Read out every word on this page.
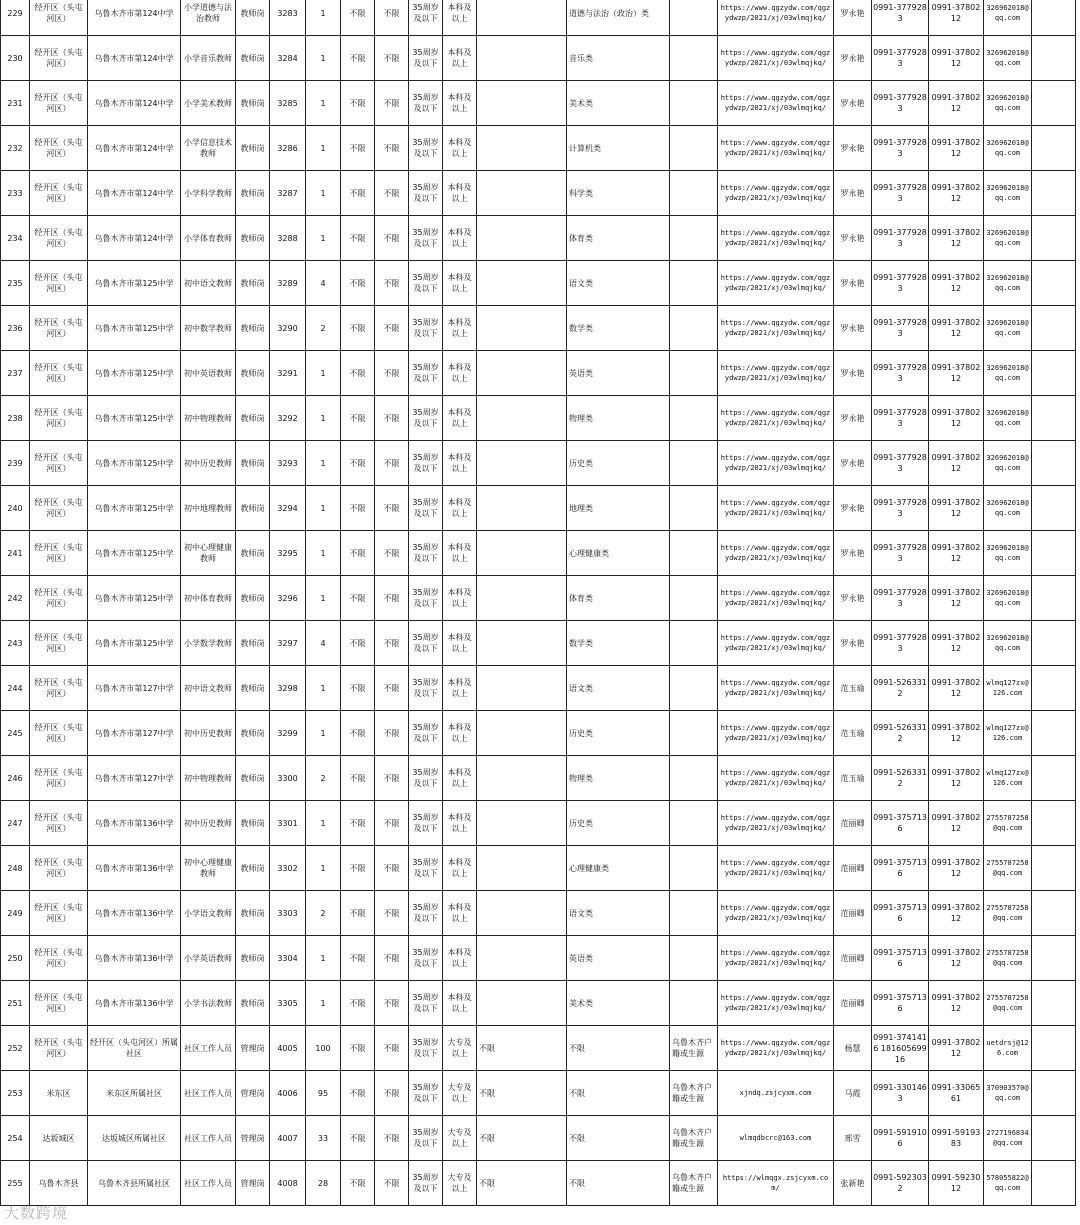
229	经开区（头屯河区）	乌鲁木齐市第124中学	小学道德与法治教师	教师岗	3283	1	不限	不限	35周岁及以下	本科及以上		道德与法治（政治）类		https://www.qgzydw.com/qgzydwzp/2021/xj/03wlmqjkq/	罗永艳	0991-3779283	0991-3780212	326962018@qq.com	
230	经开区（头屯河区）	乌鲁木齐市第124中学	小学音乐教师	教师岗	3284	1	不限	不限	35周岁及以下	本科及以上		音乐类		https://www.qgzydw.com/qgzydwzp/2021/xj/03wlmqjkq/	罗永艳	0991-3779283	0991-3780212	326962018@qq.com	
231	经开区（头屯河区）	乌鲁木齐市第124中学	小学美术教师	教师岗	3285	1	不限	不限	35周岁及以下	本科及以上		美术类		https://www.qgzydw.com/qgzydwzp/2021/xj/03wlmqjkq/	罗永艳	0991-3779283	0991-3780212	326962018@qq.com	
232	经开区（头屯河区）	乌鲁木齐市第124中学	小学信息技术教师	教师岗	3286	1	不限	不限	35周岁及以下	本科及以上		计算机类		https://www.qgzydw.com/qgzydwzp/2021/xj/03wlmqjkq/	罗永艳	0991-3779283	0991-3780212	326962018@qq.com	
233	经开区（头屯河区）	乌鲁木齐市第124中学	小学科学教师	教师岗	3287	1	不限	不限	35周岁及以下	本科及以上		科学类		https://www.qgzydw.com/qgzydwzp/2021/xj/03wlmqjkq/	罗永艳	0991-3779283	0991-3780212	326962018@qq.com	
234	经开区（头屯河区）	乌鲁木齐市第124中学	小学体育教师	教师岗	3288	1	不限	不限	35周岁及以下	本科及以上		体育类		https://www.qgzydw.com/qgzydwzp/2021/xj/03wlmqjkq/	罗永艳	0991-3779283	0991-3780212	326962018@qq.com	
235	经开区（头屯河区）	乌鲁木齐市第125中学	初中语文教师	教师岗	3289	4	不限	不限	35周岁及以下	本科及以上		语文类		https://www.qgzydw.com/qgzydwzp/2021/xj/03wlmqjkq/	罗永艳	0991-3779283	0991-3780212	326962018@qq.com	
236	经开区（头屯河区）	乌鲁木齐市第125中学	初中数学教师	教师岗	3290	2	不限	不限	35周岁及以下	本科及以上		数学类		https://www.qgzydw.com/qgzydwzp/2021/xj/03wlmqjkq/	罗永艳	0991-3779283	0991-3780212	326962018@qq.com	
237	经开区（头屯河区）	乌鲁木齐市第125中学	初中英语教师	教师岗	3291	1	不限	不限	35周岁及以下	本科及以上		英语类		https://www.qgzydw.com/qgzydwzp/2021/xj/03wlmqjkq/	罗永艳	0991-3779283	0991-3780212	326962018@qq.com	
238	经开区（头屯河区）	乌鲁木齐市第125中学	初中物理教师	教师岗	3292	1	不限	不限	35周岁及以下	本科及以上		物理类		https://www.qgzydw.com/qgzydwzp/2021/xj/03wlmqjkq/	罗永艳	0991-3779283	0991-3780212	326962018@qq.com	
239	经开区（头屯河区）	乌鲁木齐市第125中学	初中历史教师	教师岗	3293	1	不限	不限	35周岁及以下	本科及以上		历史类		https://www.qgzydw.com/qgzydwzp/2021/xj/03wlmqjkq/	罗永艳	0991-3779283	0991-3780212	326962018@qq.com	
240	经开区（头屯河区）	乌鲁木齐市第125中学	初中地理教师	教师岗	3294	1	不限	不限	35周岁及以下	本科及以上		地理类		https://www.qgzydw.com/qgzydwzp/2021/xj/03wlmqjkq/	罗永艳	0991-3779283	0991-3780212	326962018@qq.com	
241	经开区（头屯河区）	乌鲁木齐市第125中学	初中心理健康教师	教师岗	3295	1	不限	不限	35周岁及以下	本科及以上		心理健康类		https://www.qgzydw.com/qgzydwzp/2021/xj/03wlmqjkq/	罗永艳	0991-3779283	0991-3780212	326962018@qq.com	
242	经开区（头屯河区）	乌鲁木齐市第125中学	初中体育教师	教师岗	3296	1	不限	不限	35周岁及以下	本科及以上		体育类		https://www.qgzydw.com/qgzydwzp/2021/xj/03wlmqjkq/	罗永艳	0991-3779283	0991-3780212	326962018@qq.com	
243	经开区（头屯河区）	乌鲁木齐市第125中学	小学数学教师	教师岗	3297	4	不限	不限	35周岁及以下	本科及以上		数学类		https://www.qgzydw.com/qgzydwzp/2021/xj/03wlmqjkq/	罗永艳	0991-3779283	0991-3780212	326962018@qq.com	
244	经开区（头屯河区）	乌鲁木齐市第127中学	初中语文教师	教师岗	3298	1	不限	不限	35周岁及以下	本科及以上		语文类		https://www.qgzydw.com/qgzydwzp/2021/xj/03wlmqjkq/	范玉瑜	0991-5263312	0991-3780212	wlmq127zx@126.com	
245	经开区（头屯河区）	乌鲁木齐市第127中学	初中历史教师	教师岗	3299	1	不限	不限	35周岁及以下	本科及以上		历史类		https://www.qgzydw.com/qgzydwzp/2021/xj/03wlmqjkq/	范玉瑜	0991-5263312	0991-3780212	wlmq127zx@126.com	
246	经开区（头屯河区）	乌鲁木齐市第127中学	初中物理教师	教师岗	3300	2	不限	不限	35周岁及以下	本科及以上		物理类		https://www.qgzydw.com/qgzydwzp/2021/xj/03wlmqjkq/	范玉瑜	0991-5263312	0991-3780212	wlmq127zx@126.com	
247	经开区（头屯河区）	乌鲁木齐市第136中学	初中历史教师	教师岗	3301	1	不限	不限	35周岁及以下	本科及以上		历史类		https://www.qgzydw.com/qgzydwzp/2021/xj/03wlmqjkq/	范丽卿	0991-3757136	0991-3780212	2755787258@qq.com	
248	经开区（头屯河区）	乌鲁木齐市第136中学	初中心理健康教师	教师岗	3302	1	不限	不限	35周岁及以下	本科及以上		心理健康类		https://www.qgzydw.com/qgzydwzp/2021/xj/03wlmqjkq/	范丽卿	0991-3757136	0991-3780212	2755787258@qq.com	
249	经开区（头屯河区）	乌鲁木齐市第136中学	小学语文教师	教师岗	3303	2	不限	不限	35周岁及以下	本科及以上		语文类		https://www.qgzydw.com/qgzydwzp/2021/xj/03wlmqjkq/	范丽卿	0991-3757136	0991-3780212	2755787258@qq.com	
250	经开区（头屯河区）	乌鲁木齐市第136中学	小学英语教师	教师岗	3304	1	不限	不限	35周岁及以下	本科及以上		英语类		https://www.qgzydw.com/qgzydwzp/2021/xj/03wlmqjkq/	范丽卿	0991-3757136	0991-3780212	2755787258@qq.com	
251	经开区（头屯河区）	乌鲁木齐市第136中学	小学书法教师	教师岗	3305	1	不限	不限	35周岁及以下	本科及以上		美术类		https://www.qgzydw.com/qgzydwzp/2021/xj/03wlmqjkq/	范丽卿	0991-3757136	0991-3780212	2755787258@qq.com	
252	经开区（头屯河区）	经开区（头屯河区）所属社区	社区工作人员	管理岗	4005	100	不限	不限	35周岁及以下	大专及以上	不限	不限	乌鲁木齐户籍或生源	https://www.qgzydw.com/qgzydwzp/2021/xj/03wlmqjkq/	杨慧	0991-3741416 18160569916	0991-3780212	uetdrsj@126.com	
253	米东区	米东区所属社区	社区工作人员	管理岗	4006	95	不限	不限	35周岁及以下	大专及以上	不限	不限	乌鲁木齐户籍或生源	xjndq.zsjcyxm.com	马霞	0991-3301463	0991-3306561	370903570@qq.com	
254	达坂城区	达坂城区所属社区	社区工作人员	管理岗	4007	33	不限	不限	35周岁及以下	大专及以上	不限	不限	乌鲁木齐户籍或生源	wlmqdbcrc@163.com	邢雪	0991-5919106	0991-5919383	2727196834@qq.com	
255	乌鲁木齐县	乌鲁木齐县所属社区	社区工作人员	管理岗	4008	28	不限	不限	35周岁及以下	大专及以上	不限	不限	乌鲁木齐户籍或生源	https://wlmqgx.zsjcyxm.com/	张新艳	0991-5923032	0991-5923012	578055822@qq.com	
大数跨境
